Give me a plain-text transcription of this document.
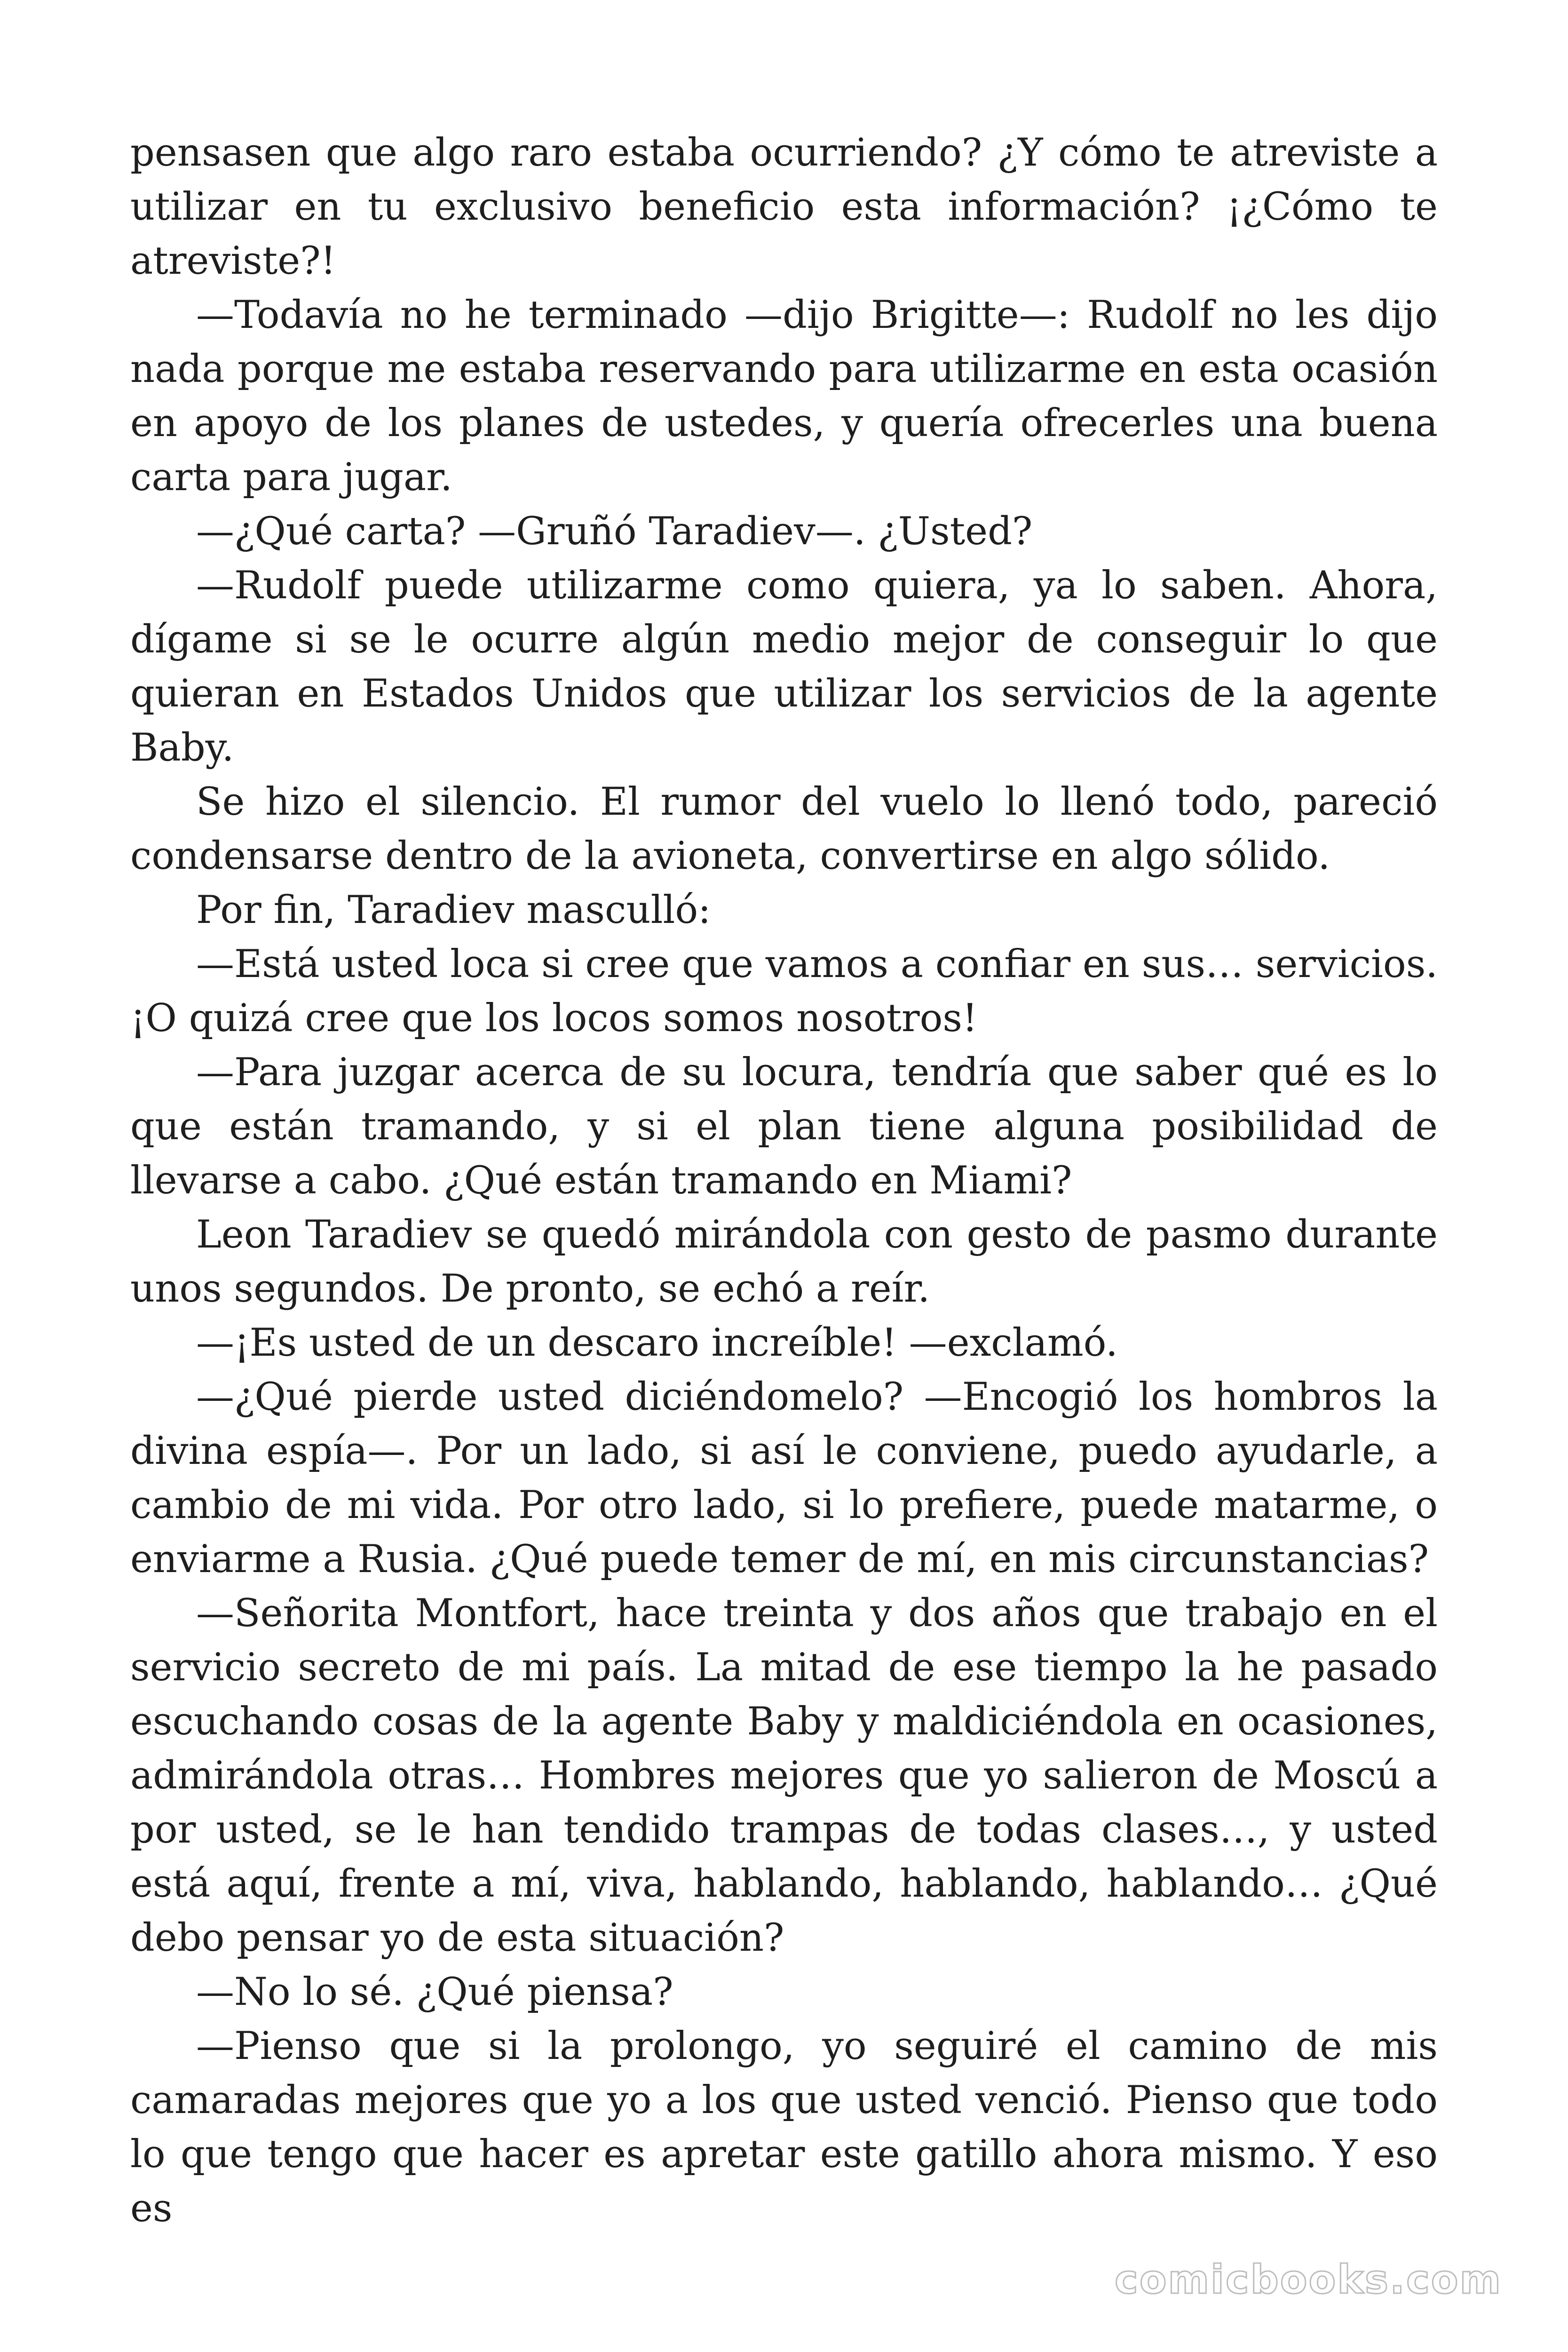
pensasen que algo raro estaba ocurriendo? ¿Y cómo te atreviste a utilizar en tu exclusivo beneficio esta información? ¡¿Cómo te atreviste?!

—Todavía no he terminado —dijo Brigitte—: Rudolf no les dijo nada porque me estaba reservando para utilizarme en esta ocasión en apoyo de los planes de ustedes, y quería ofrecerles una buena carta para jugar.

—¿Qué carta? —Gruñó Taradiev—. ¿Usted?

—Rudolf puede utilizarme como quiera, ya lo saben. Ahora, dígame si se le ocurre algún medio mejor de conseguir lo que quieran en Estados Unidos que utilizar los servicios de la agente Baby.

Se hizo el silencio. El rumor del vuelo lo llenó todo, pareció condensarse dentro de la avioneta, convertirse en algo sólido.

Por fin, Taradiev masculló:

—Está usted loca si cree que vamos a confiar en sus… servicios. ¡O quizá cree que los locos somos nosotros!

—Para juzgar acerca de su locura, tendría que saber qué es lo que están tramando, y si el plan tiene alguna posibilidad de llevarse a cabo. ¿Qué están tramando en Miami?

Leon Taradiev se quedó mirándola con gesto de pasmo durante unos segundos. De pronto, se echó a reír.

—¡Es usted de un descaro increíble! —exclamó.

—¿Qué pierde usted diciéndomelo? —Encogió los hombros la divina espía—. Por un lado, si así le conviene, puedo ayudarle, a cambio de mi vida. Por otro lado, si lo prefiere, puede matarme, o enviarme a Rusia. ¿Qué puede temer de mí, en mis circunstancias?

—Señorita Montfort, hace treinta y dos años que trabajo en el servicio secreto de mi país. La mitad de ese tiempo la he pasado escuchando cosas de la agente Baby y maldiciéndola en ocasiones, admirándola otras… Hombres mejores que yo salieron de Moscú a por usted, se le han tendido trampas de todas clases…, y usted está aquí, frente a mí, viva, hablando, hablando, hablando… ¿Qué debo pensar yo de esta situación?

—No lo sé. ¿Qué piensa?

—Pienso que si la prolongo, yo seguiré el camino de mis camaradas mejores que yo a los que usted venció. Pienso que todo lo que tengo que hacer es apretar este gatillo ahora mismo. Y eso es

comicbooks.com
